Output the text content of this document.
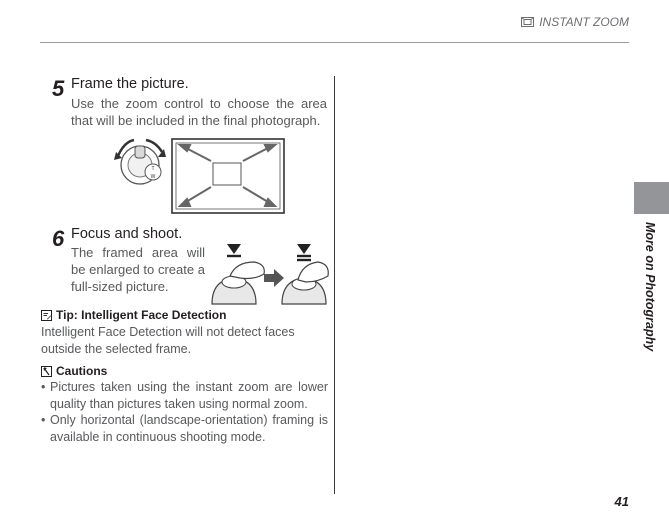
INSTANT ZOOM
5 Frame the picture.
Use the zoom control to choose the area that will be included in the final photograph.
T
W
6 Focus and shoot.
The framed area will be enlarged to create a full-sized picture.
Tip: Intelligent Face Detection
Intelligent Face Detection will not detect faces outside the selected frame.
Cautions
• Pictures taken using the instant zoom are lower quality than pictures taken using normal zoom.
• Only horizontal (landscape-orientation) framing is available in continuous shooting mode.
More on Photography
41
